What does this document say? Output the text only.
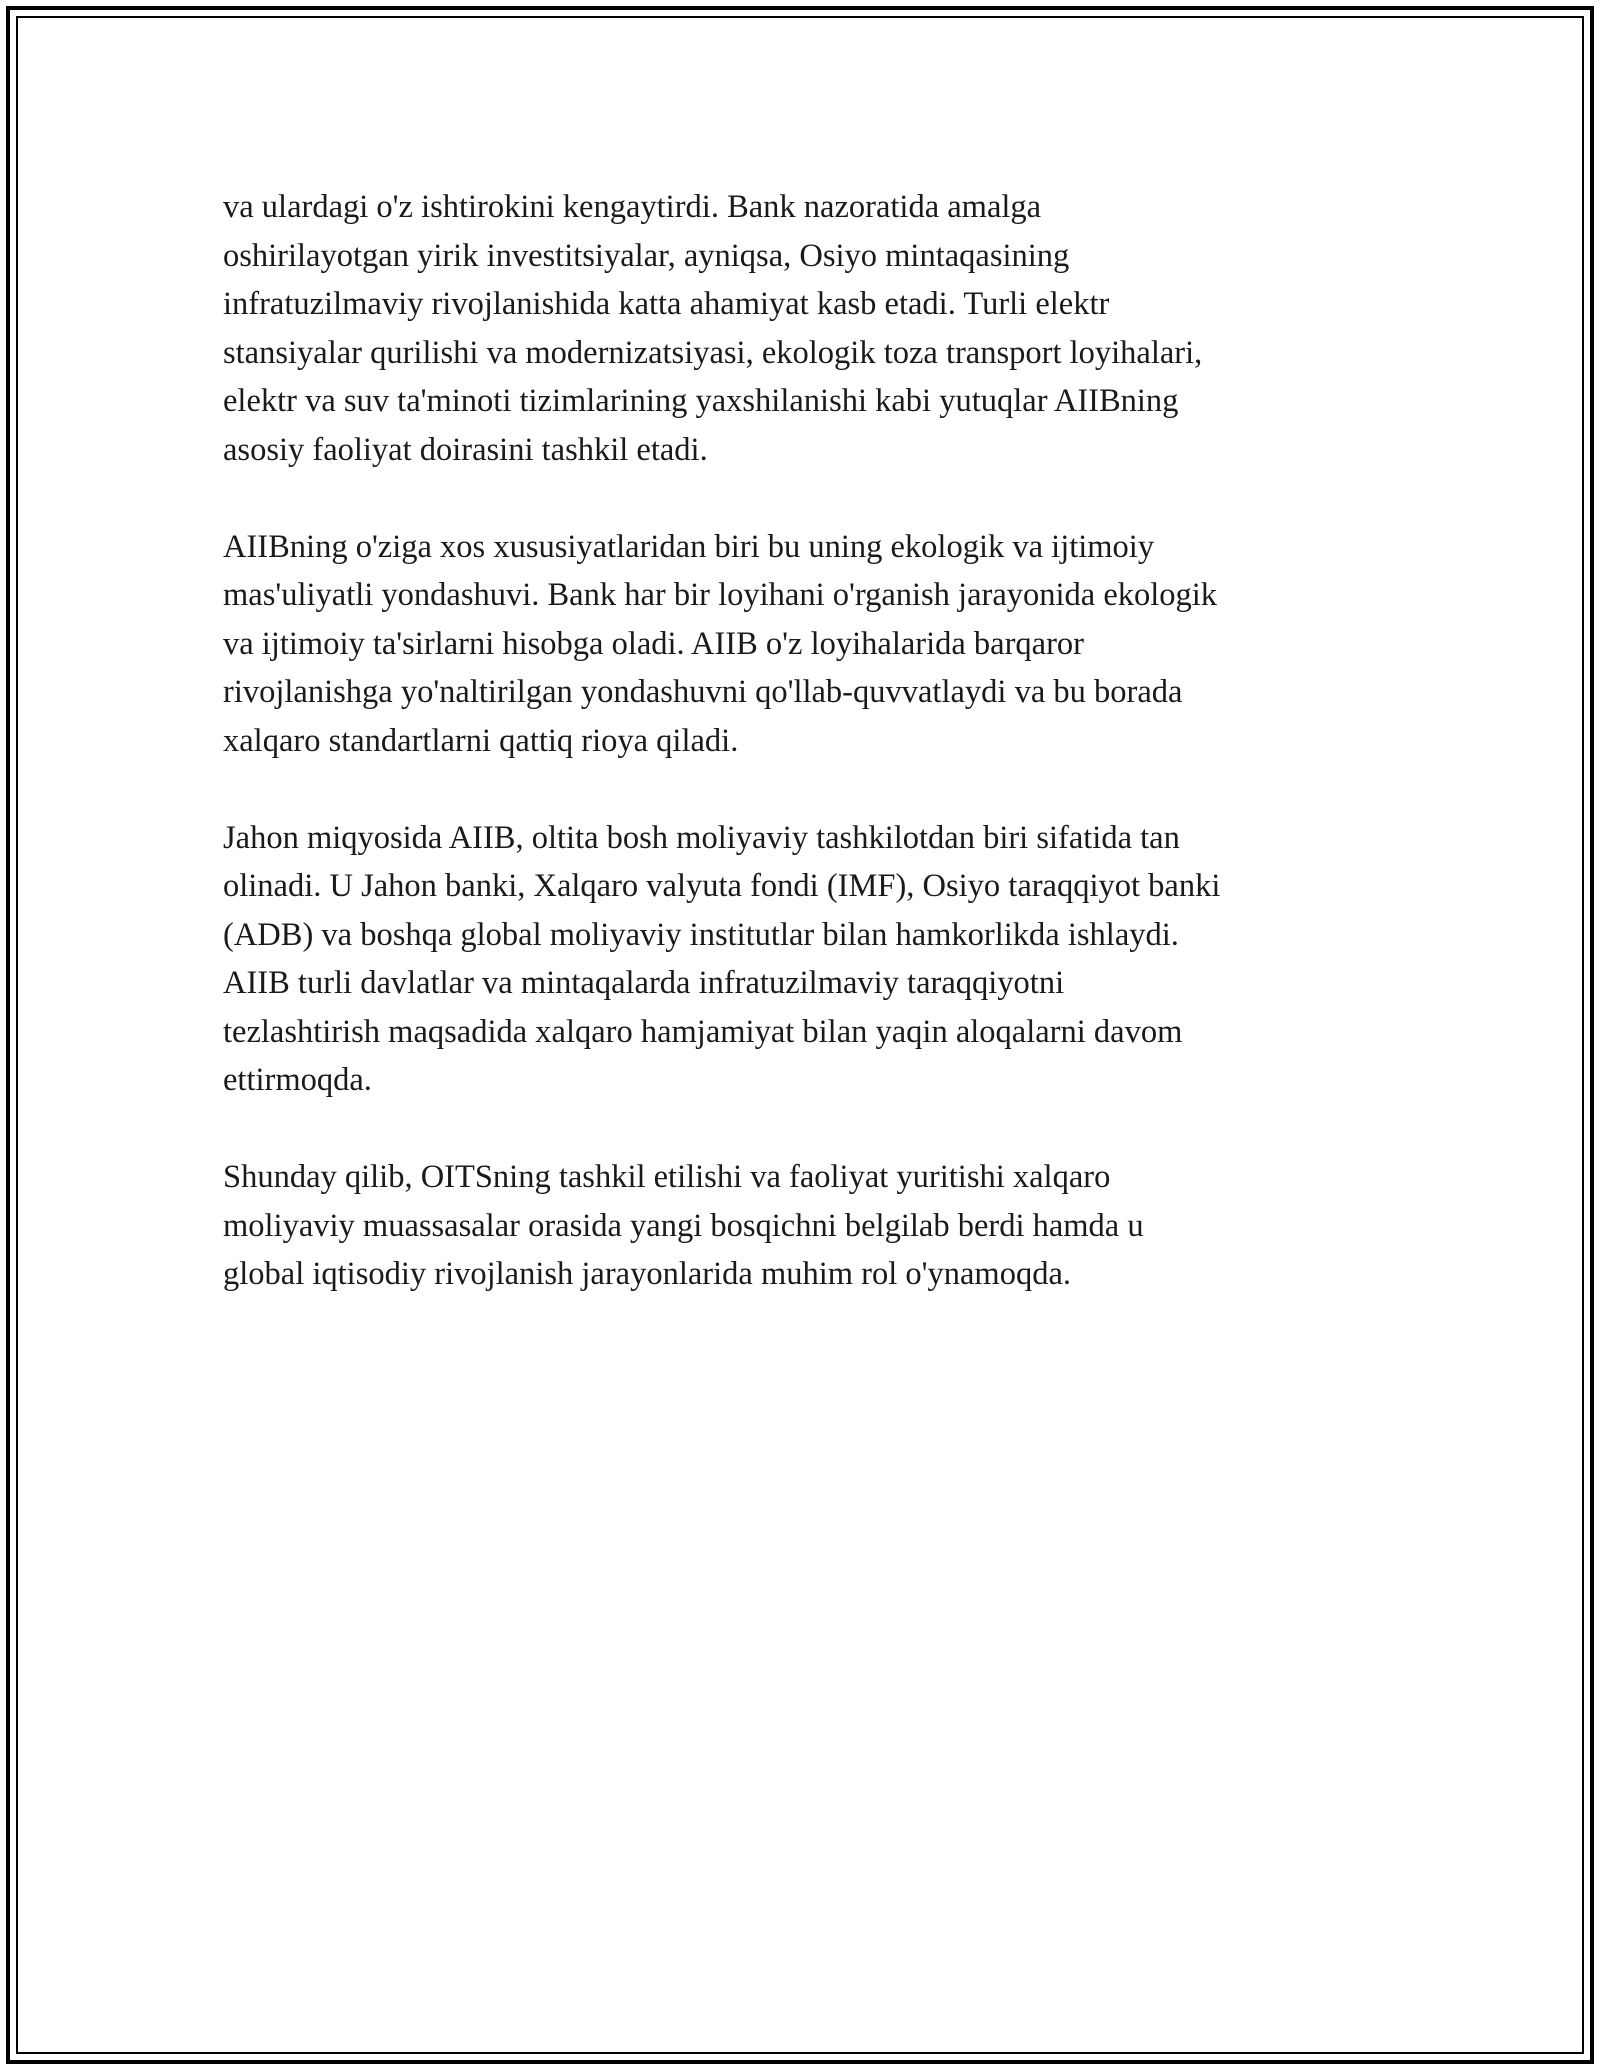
va ulardagi o'z ishtirokini kengaytirdi. Bank nazoratida amalga
oshirilayotgan yirik investitsiyalar, ayniqsa, Osiyo mintaqasining
infratuzilmaviy rivojlanishida katta ahamiyat kasb etadi. Turli elektr
stansiyalar qurilishi va modernizatsiyasi, ekologik toza transport loyihalari,
elektr va suv ta'minoti tizimlarining yaxshilanishi kabi yutuqlar AIIBning
asosiy faoliyat doirasini tashkil etadi.

AIIBning o'ziga xos xususiyatlaridan biri bu uning ekologik va ijtimoiy
mas'uliyatli yondashuvi. Bank har bir loyihani o'rganish jarayonida ekologik
va ijtimoiy ta'sirlarni hisobga oladi. AIIB o'z loyihalarida barqaror
rivojlanishga yo'naltirilgan yondashuvni qo'llab-quvvatlaydi va bu borada
xalqaro standartlarni qattiq rioya qiladi.

Jahon miqyosida AIIB, oltita bosh moliyaviy tashkilotdan biri sifatida tan
olinadi. U Jahon banki, Xalqaro valyuta fondi (IMF), Osiyo taraqqiyot banki
(ADB) va boshqa global moliyaviy institutlar bilan hamkorlikda ishlaydi.
AIIB turli davlatlar va mintaqalarda infratuzilmaviy taraqqiyotni
tezlashtirish maqsadida xalqaro hamjamiyat bilan yaqin aloqalarni davom
ettirmoqda.

Shunday qilib, OITSning tashkil etilishi va faoliyat yuritishi xalqaro
moliyaviy muassasalar orasida yangi bosqichni belgilab berdi hamda u
global iqtisodiy rivojlanish jarayonlarida muhim rol o'ynamoqda.
